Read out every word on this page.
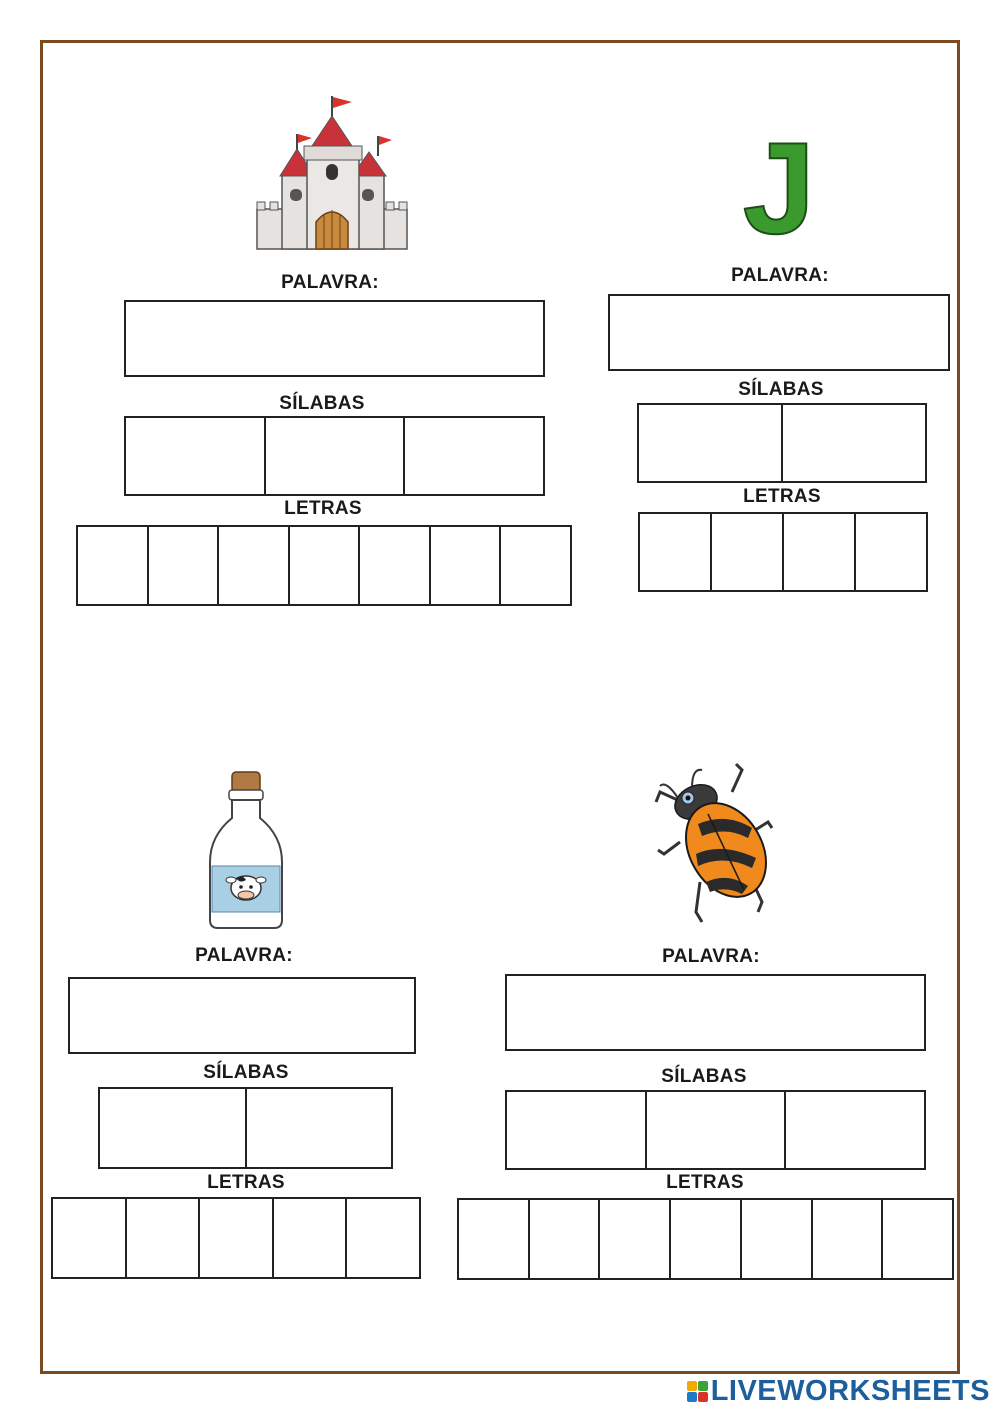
PALAVRA:
SÍLABAS
LETRAS
J
PALAVRA:
SÍLABAS
LETRAS
PALAVRA:
SÍLABAS
LETRAS
PALAVRA:
SÍLABAS
LETRAS
LIVEWORKSHEETS
